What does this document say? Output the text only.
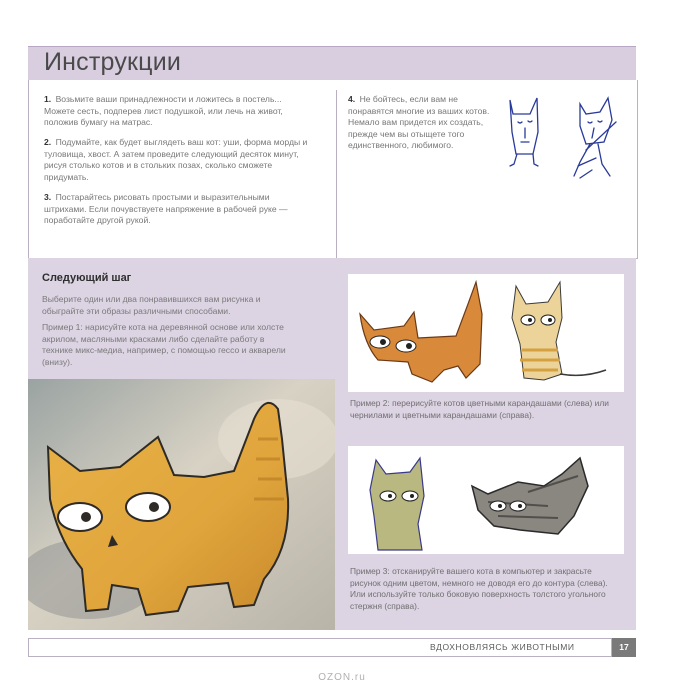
Инструкции
1. Возьмите ваши принадлежности и ложитесь в постель... Можете сесть, подперев лист подушкой, или лечь на живот, положив бумагу на матрас.
2. Подумайте, как будет выглядеть ваш кот: уши, форма морды и туловища, хвост. А затем проведите следующий десяток минут, рисуя столько котов и в стольких позах, сколько сможете придумать.
3. Постарайтесь рисовать простыми и выразительными штрихами. Если почувствуете напряжение в рабочей руке — поработайте другой рукой.
4. Не бойтесь, если вам не понравятся многие из ваших котов. Немало вам придется их создать, прежде чем вы отыщете того единственного, любимого.
Следующий шаг
Выберите один или два понравившихся вам рисунка и обыграйте эти образы различными способами.
Пример 1: нарисуйте кота на деревянной основе или холсте акрилом, масляными красками либо сделайте работу в технике микс-медиа, например, с помощью гессо и акварели (внизу).
Пример 2: перерисуйте котов цветными карандашами (слева) или чернилами и цветными карандашами (справа).
Пример 3: отсканируйте вашего кота в компьютер и закрасьте рисунок одним цветом, немного не доводя его до контура (слева). Или используйте только боковую поверхность толстого угольного стержня (справа).
ВДОХНОВЛЯЯСЬ ЖИВОТНЫМИ	17
OZON.ru
